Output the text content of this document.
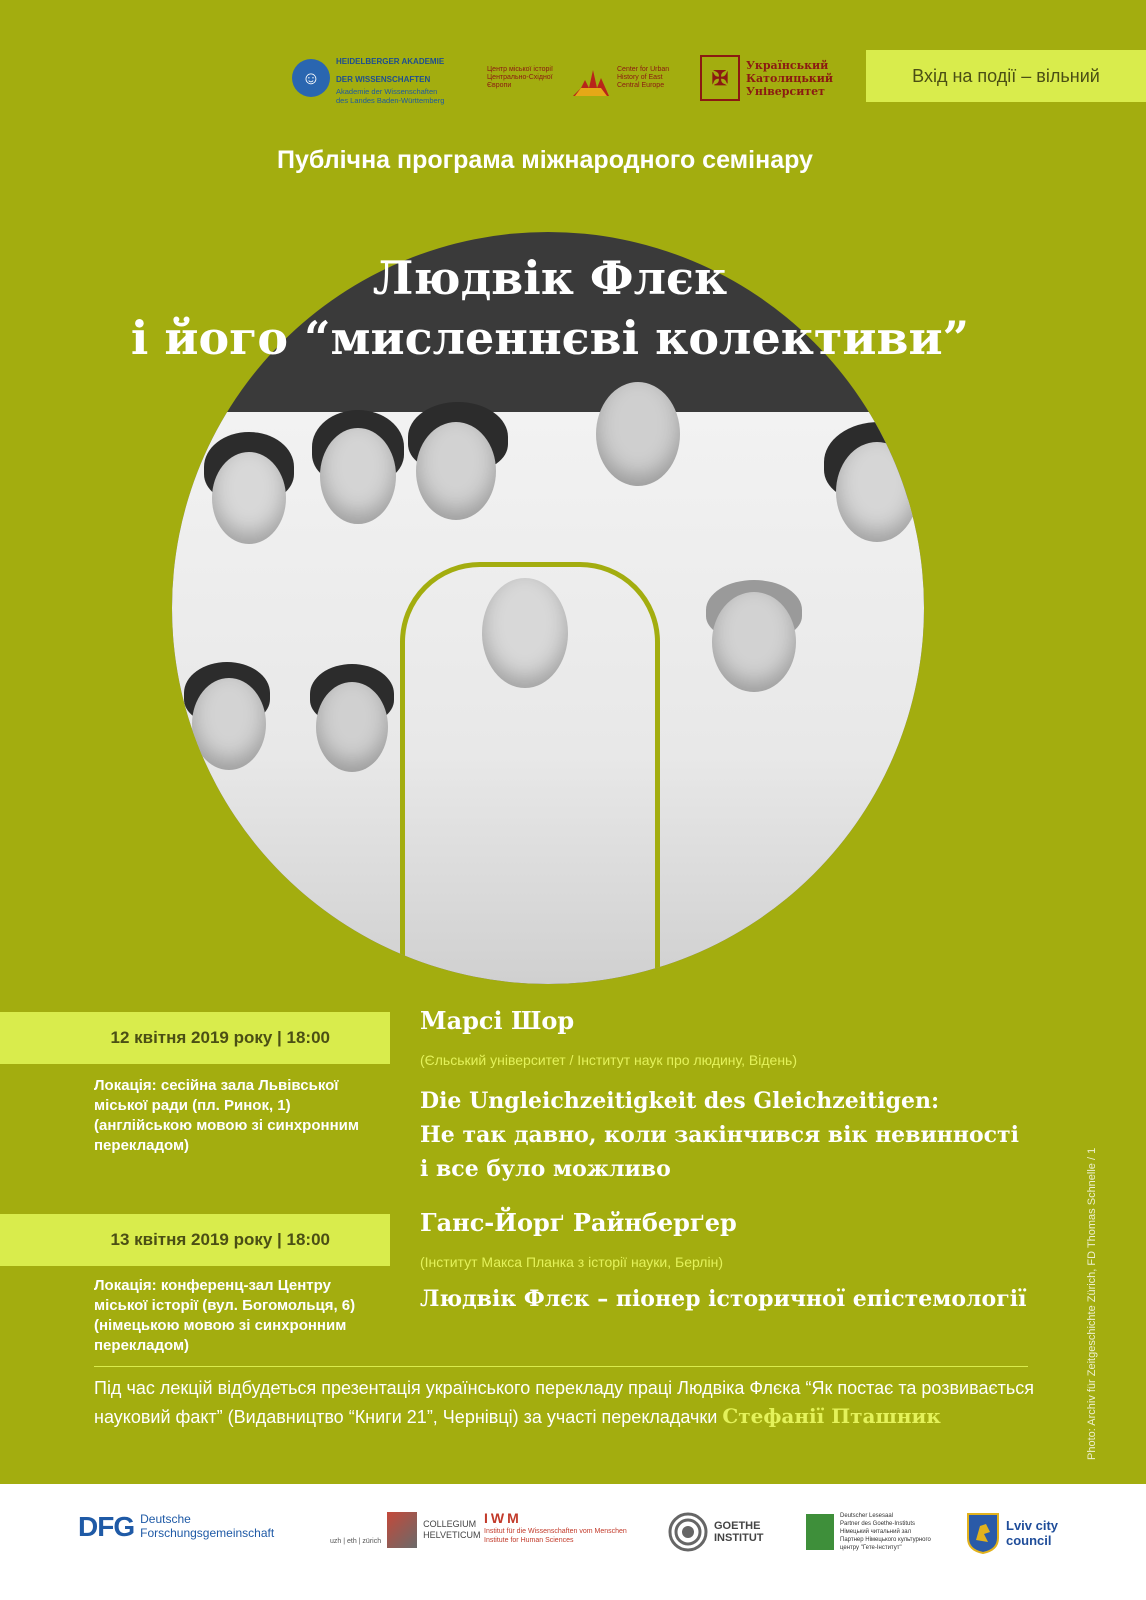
☺
HEIDELBERGER AKADEMIE
DER WISSENSCHAFTEN
Akademie der Wissenschaften
des Landes Baden-Württemberg
Центр міської історії Центрально-Східної Європи
Center for Urban History of East Central Europe	✠
Український
Католицький
Університет
Вхід на події – вільний
Публічна програма міжнародного семінару
Людвік Флєк
і його “мисленнєві колективи”
12 квітня 2019 року | 18:00
Локація: сесійна зала Львівської міської ради (пл. Ринок, 1) (англійською мовою зі синхронним перекладом)
Марсі Шор
(Єльський університет / Інститут наук про людину, Відень)
Die Ungleichzeitigkeit des Gleichzeitigen:
Не так давно, коли закінчився вік невинності
і все було можливо
13 квітня 2019 року | 18:00
Локація: конференц-зал Центру міської історії (вул. Богомольця, 6) (німецькою мовою зі синхронним перекладом)
Ганс-Йорґ Райнберґер
(Інститут Макса Планка з історії науки, Берлін)
Людвік Флєк – піонер історичної епістемології
Під час лекцій відбудеться презентація українського перекладу праці Людвіка Флєка “Як постає та розвивається науковий факт” (Видавництво “Книги 21”, Чернівці) за участі перекладачки Стефанії Пташник	Photo: Archiv für Zeitgeschichte Zürich, FD Thomas Schnelle / 1
DFG Deutsche
Forschungsgemeinschaft
uzh | eth | zürich
COLLEGIUM
HELVETICUM
IWM
Institut für die Wissenschaften vom Menschen
Institute for Human Sciences
GOETHE
INSTITUT
Deutscher Lesesaal
Partner des Goethe-Instituts
Німецький читальний зал
Партнер Німецького культурного центру "Гете-Інститут"
Lviv city
council
